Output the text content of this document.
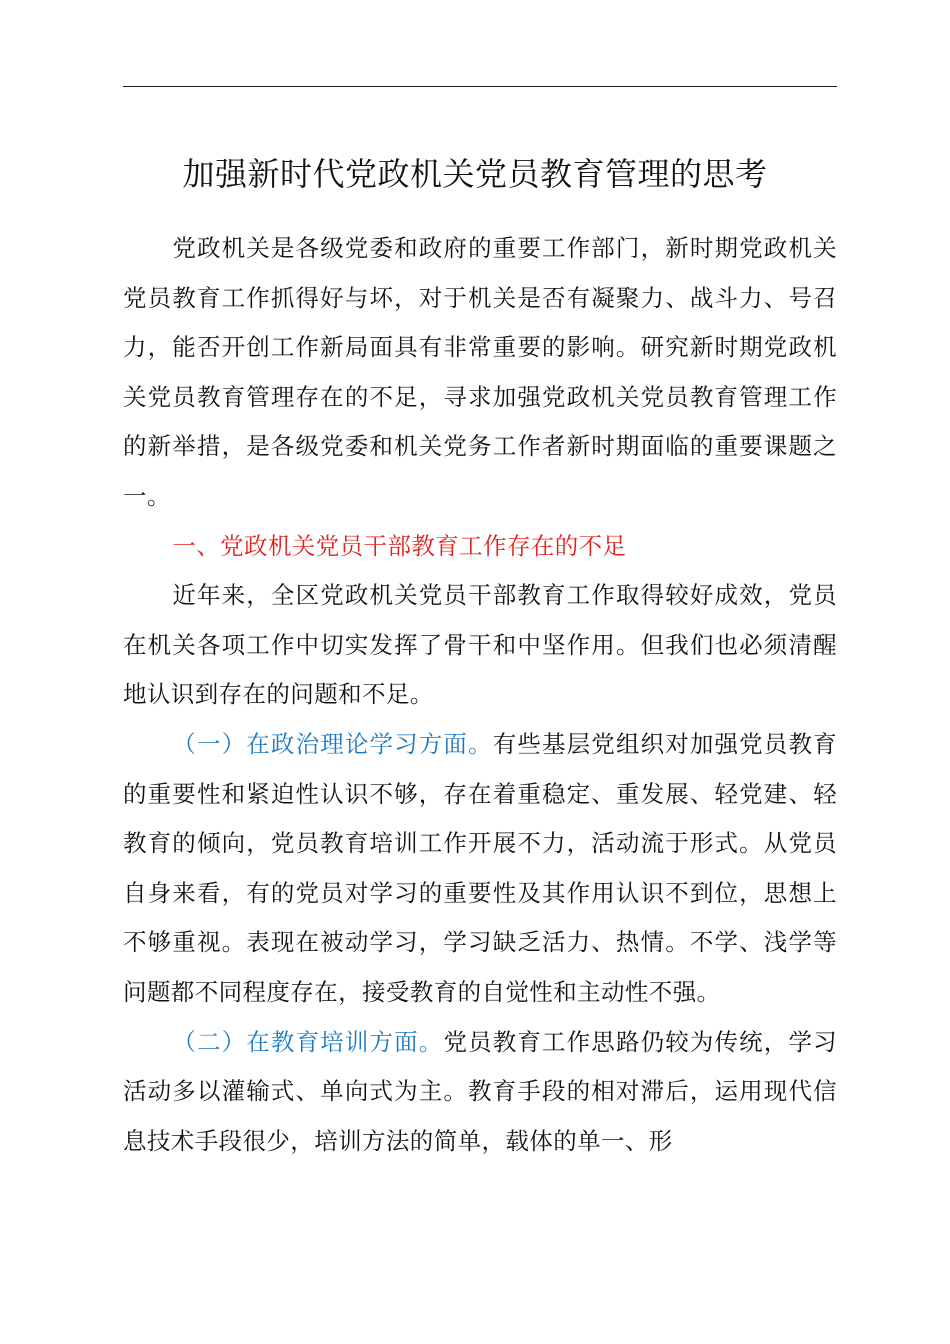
加强新时代党政机关党员教育管理的思考

党政机关是各级党委和政府的重要工作部门，新时期党政机关党员教育工作抓得好与坏，对于机关是否有凝聚力、战斗力、号召力，能否开创工作新局面具有非常重要的影响。研究新时期党政机关党员教育管理存在的不足，寻求加强党政机关党员教育管理工作的新举措，是各级党委和机关党务工作者新时期面临的重要课题之一。

一、党政机关党员干部教育工作存在的不足

近年来，全区党政机关党员干部教育工作取得较好成效，党员在机关各项工作中切实发挥了骨干和中坚作用。但我们也必须清醒地认识到存在的问题和不足。

（一）在政治理论学习方面。有些基层党组织对加强党员教育的重要性和紧迫性认识不够，存在着重稳定、重发展、轻党建、轻教育的倾向，党员教育培训工作开展不力，活动流于形式。从党员自身来看，有的党员对学习的重要性及其作用认识不到位，思想上不够重视。表现在被动学习，学习缺乏活力、热情。不学、浅学等问题都不同程度存在，接受教育的自觉性和主动性不强。

（二）在教育培训方面。党员教育工作思路仍较为传统，学习活动多以灌输式、单向式为主。教育手段的相对滞后，运用现代信息技术手段很少，培训方法的简单，载体的单一、形
